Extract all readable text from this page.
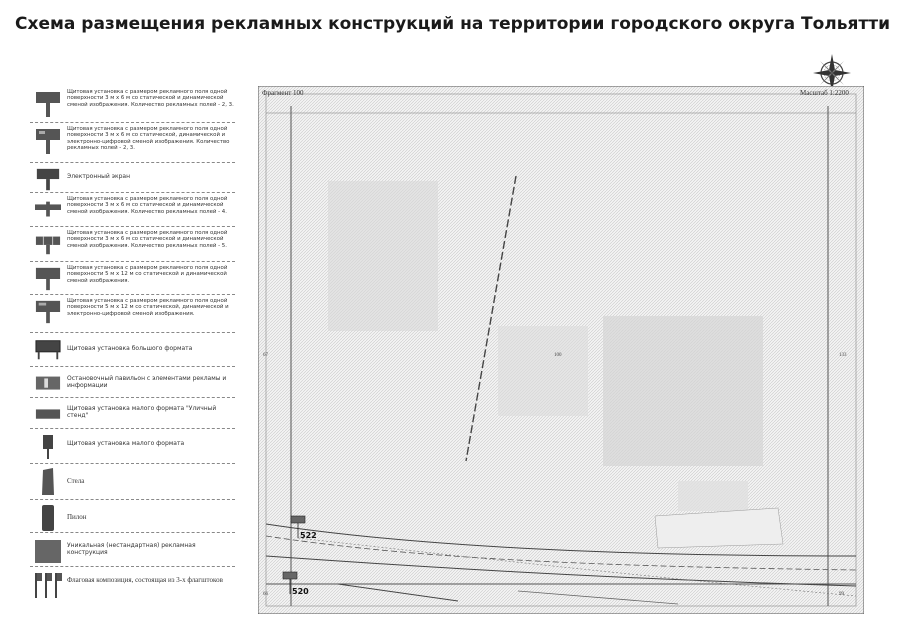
Схема размещения рекламных конструкций на территории городского округа Тольятти
Щитовая установка с размером рекламного поля одной поверхности 3 м х 6 м со статической и динамической сменой изображения. Количество рекламных полей - 2, 3.
Щитовая установка с размером рекламного поля одной поверхности 3 м х 6 м со статической, динамической и электронно-цифровой сменой изображения. Количество рекламных полей - 2, 3.
Электронный экран
Щитовая установка с размером рекламного поля одной поверхности 3 м х 6 м со статической и динамической сменой изображения. Количество рекламных полей - 4.
Щитовая установка с размером рекламного поля одной поверхности 3 м х 6 м со статической и динамической сменой изображения. Количество рекламных полей - 5.
Щитовая установка с размером рекламного поля одной поверхности 5 м х 12 м со статической и динамической сменой изображения.
Щитовая установка с размером рекламного поля одной поверхности 5 м х 12 м со статической, динамической и электронно-цифровой сменой изображения.
Щитовая установка большого формата
Остановочный павильон с элементами рекламы и информации
Щитовая установка малого формата "Уличный стенд"
Щитовая установка малого формата
Стела
Пилон
Уникальная (нестандартная) рекламная конструкция
Флаговая композиция, состоящая из 3-х флагштоков
Фрагмент 100	Масштаб 1:2200
67	100	133
66	99
522
520
